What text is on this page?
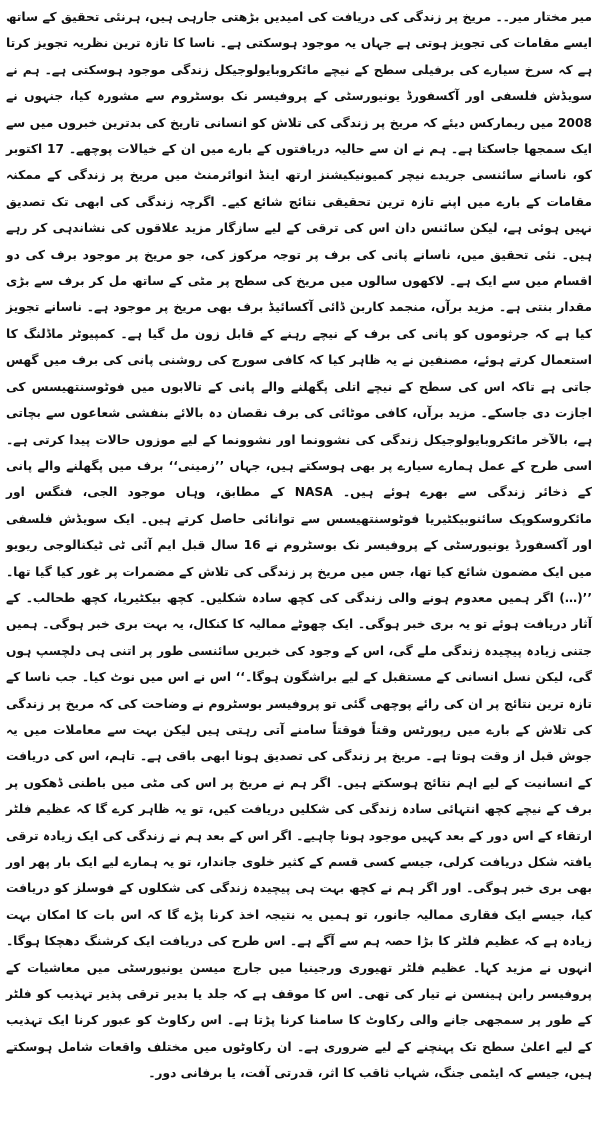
میر مختار میر۔۔ مریخ پر زندگی کی دریافت کی امیدیں بڑھتی جارہی ہیں، ہرنئی تحقیق کے ساتھ ایسے مقامات کی تجویز ہوتی ہے جہاں یہ موجود ہوسکتی ہے۔ ناسا کا تازہ ترین نظریہ تجویز کرتا ہے کہ سرخ سیارے کی برفیلی سطح کے نیچے مائکروبایولوجیکل زندگی موجود ہوسکتی ہے۔ ہم نے سویڈش فلسفی اور آکسفورڈ یونیورسٹی کے پروفیسر نک بوسٹروم سے مشورہ کیا، جنہوں نے 2008 میں ریمارکس دیئے کہ مریخ پر زندگی کی تلاش کو انسانی تاریخ کی بدترین خبروں میں سے ایک سمجھا جاسکتا ہے۔ ہم نے ان سے حالیہ دریافتوں کے بارے میں ان کے خیالات پوچھے۔ 17 اکتوبر کو، ناسانے سائنسی جریدے نیچر کمیونیکیشنز ارتھ اینڈ انوائرمنٹ میں مریخ پر زندگی کے ممکنہ مقامات کے بارے میں اپنے تازہ ترین تحقیقی نتائج شائع کیے۔ اگرچہ زندگی کی ابھی تک تصدیق نہیں ہوئی ہے، لیکن سائنس دان اس کی ترقی کے لیے سازگار مزید علاقوں کی نشاندہی کر رہے ہیں۔ نئی تحقیق میں، ناسانے پانی کی برف پر توجہ مرکوز کی، جو مریخ پر موجود برف کی دو اقسام میں سے ایک ہے۔ لاکھوں سالوں میں مریخ کی سطح پر مٹی کے ساتھ مل کر برف سے بڑی مقدار بنتی ہے۔ مزید برآں، منجمد کاربن ڈائی آکسائیڈ برف بھی مریخ پر موجود ہے۔ ناسانے تجویز کیا ہے کہ جرثوموں کو پانی کی برف کے نیچے رہنے کے قابل زون مل گیا ہے۔ کمپیوٹر ماڈلنگ کا استعمال کرتے ہوئے، مصنفین نے یہ ظاہر کیا کہ کافی سورج کی روشنی پانی کی برف میں گھس جاتی ہے تاکہ اس کی سطح کے نیچے اتلی پگھلنے والے پانی کے تالابوں میں فوٹوسنتھیسس کی اجازت دی جاسکے۔ مزید برآں، کافی موٹائی کی برف نقصان دہ بالائے بنفشی شعاعوں سے بچاتی ہے، بالآخر مائکروبایولوجیکل زندگی کی نشوونما اور نشوونما کے لیے موزوں حالات پیدا کرتی ہے۔ اسی طرح کے عمل ہمارے سیارے پر بھی ہوسکتے ہیں، جہاں ’’زمینی‘‘ برف میں پگھلنے والے پانی کے ذخائر زندگی سے بھرے ہوئے ہیں۔ NASA کے مطابق، وہاں موجود الجی، فنگس اور مائکروسکوپک سائنوبیکٹیریا فوٹوسنتھیسس سے توانائی حاصل کرتے ہیں۔ ایک سویڈش فلسفی اور آکسفورڈ یونیورسٹی کے پروفیسر نک بوسٹروم نے 16 سال قبل ایم آئی ٹی ٹیکنالوجی ریویو میں ایک مضمون شائع کیا تھا، جس میں مریخ پر زندگی کی تلاش کے مضمرات پر غور کیا گیا تھا۔ ’’(…) اگر ہمیں معدوم ہونے والی زندگی کی کچھ سادہ شکلیں۔ کچھ بیکٹیریا، کچھ طحالب۔ کے آثار دریافت ہوئے تو یہ بری خبر ہوگی۔ ایک چھوٹے ممالیہ کا کنکال، یہ بہت بری خبر ہوگی۔ ہمیں جتنی زیادہ پیچیدہ زندگی ملے گی، اس کے وجود کی خبریں سائنسی طور پر اتنی ہی دلچسپ ہوں گی، لیکن نسل انسانی کے مستقبل کے لیے براشگون ہوگا۔‘‘ اس نے اس میں نوٹ کیا۔ جب ناسا کے تازہ ترین نتائج پر ان کی رائے پوچھی گئی تو پروفیسر بوسٹروم نے وضاحت کی کہ مریخ پر زندگی کی تلاش کے بارے میں رپورٹس وقتاً فوقتاً سامنے آتی رہتی ہیں لیکن بہت سے معاملات میں یہ جوش قبل از وقت ہوتا ہے۔ مریخ پر زندگی کی تصدیق ہونا ابھی باقی ہے۔ تاہم، اس کی دریافت کے انسانیت کے لیے اہم نتائج ہوسکتے ہیں۔ اگر ہم نے مریخ پر اس کی مٹی میں باطنی ڈھکوں پر برف کے نیچے کچھ انتہائی سادہ زندگی کی شکلیں دریافت کیں، تو یہ ظاہر کرے گا کہ عظیم فلٹر ارتقاء کے اس دور کے بعد کہیں موجود ہونا چاہیے۔ اگر اس کے بعد ہم نے زندگی کی ایک زیادہ ترقی یافتہ شکل دریافت کرلی، جیسے کسی قسم کے کثیر خلوی جاندار، تو یہ ہمارے لیے ایک بار پھر اور بھی بری خبر ہوگی۔ اور اگر ہم نے کچھ بہت ہی پیچیدہ زندگی کی شکلوں کے فوسلز کو دریافت کیا، جیسے ایک فقاری ممالیہ جانور، تو ہمیں یہ نتیجہ اخذ کرنا پڑے گا کہ اس بات کا امکان بہت زیادہ ہے کہ عظیم فلٹر کا بڑا حصہ ہم سے آگے ہے۔ اس طرح کی دریافت ایک کرشنگ دھچکا ہوگا۔ انہوں نے مزید کہا۔ عظیم فلٹر تھیوری ورجینیا میں جارج میسن یونیورسٹی میں معاشیات کے پروفیسر رابن ہینسن نے تیار کی تھی۔ اس کا موقف ہے کہ جلد یا بدیر ترقی پذیر تہذیب کو فلٹر کے طور پر سمجھی جانے والی رکاوٹ کا سامنا کرنا پڑتا ہے۔ اس رکاوٹ کو عبور کرنا ایک تہذیب کے لیے اعلیٰ سطح تک پہنچنے کے لیے ضروری ہے۔ ان رکاوٹوں میں مختلف واقعات شامل ہوسکتے ہیں، جیسے کہ ایٹمی جنگ، شہاب ثاقب کا اثر، قدرتی آفت، یا برفانی دور۔
